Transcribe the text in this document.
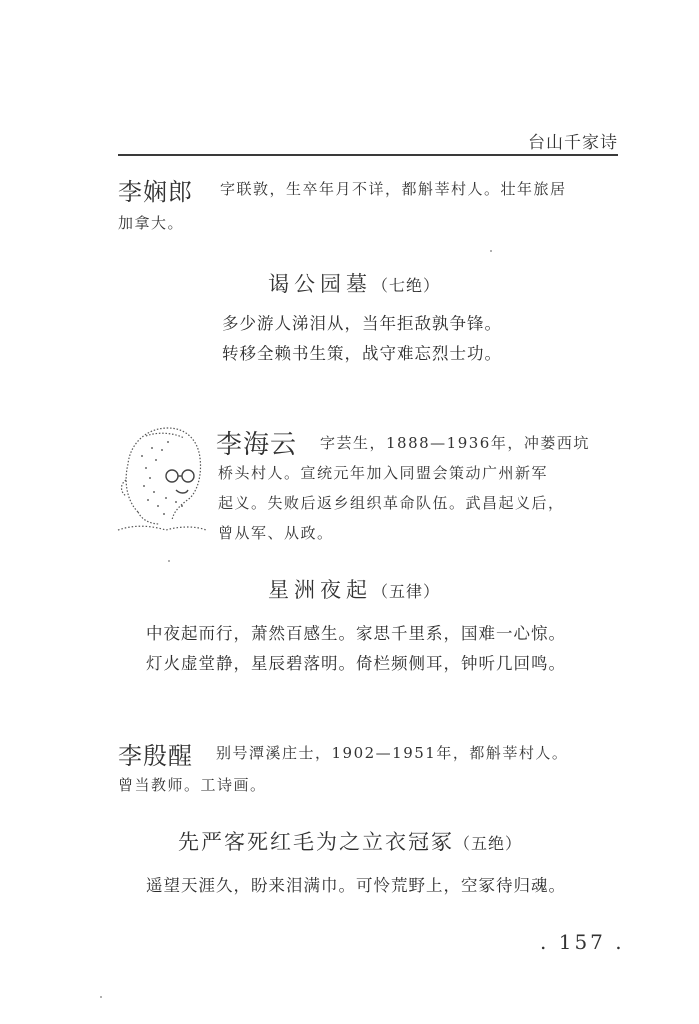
台山千家诗
李娴郎 字联敦，生卒年月不详，都斛莘村人。壮年旅居
加拿大。
谒公园墓（七绝）
多少游人涕泪从，当年拒敌孰争锋。
转移全赖书生策，战守难忘烈士功。
李海云 字芸生，1888—1936年，冲蒌西坑
桥头村人。宣统元年加入同盟会策动广州新军
起义。失败后返乡组织革命队伍。武昌起义后，
曾从军、从政。
星洲夜起（五律）
中夜起而行，萧然百感生。家思千里系，国难一心惊。
灯火虚堂静，星辰碧落明。倚栏频侧耳，钟听几回鸣。
李殷醒 别号潭溪庄士，1902—1951年，都斛莘村人。
曾当教师。工诗画。
先严客死红毛为之立衣冠冢（五绝）
遥望天涯久，盼来泪满巾。可怜荒野上，空冢待归魂。
. 157 .
